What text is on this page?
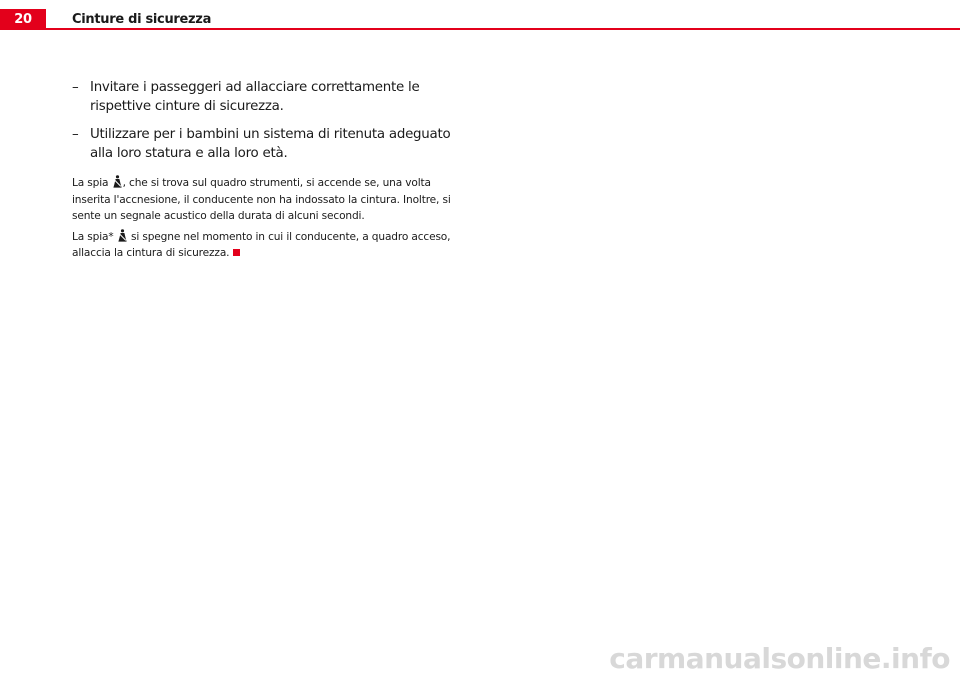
20	Cinture di sicurezza
– Invitare i passeggeri ad allacciare correttamente le rispettive cinture di sicurezza.
– Utilizzare per i bambini un sistema di ritenuta adeguato alla loro statura e alla loro età.
La spia , che si trova sul quadro strumenti, si accende se, una volta inserita l'accnesione, il conducente non ha indossato la cintura. Inoltre, si sente un segnale acustico della durata di alcuni secondi.
La spia*  si spegne nel momento in cui il conducente, a quadro acceso, allaccia la cintura di sicurezza.
carmanualsonline.info
